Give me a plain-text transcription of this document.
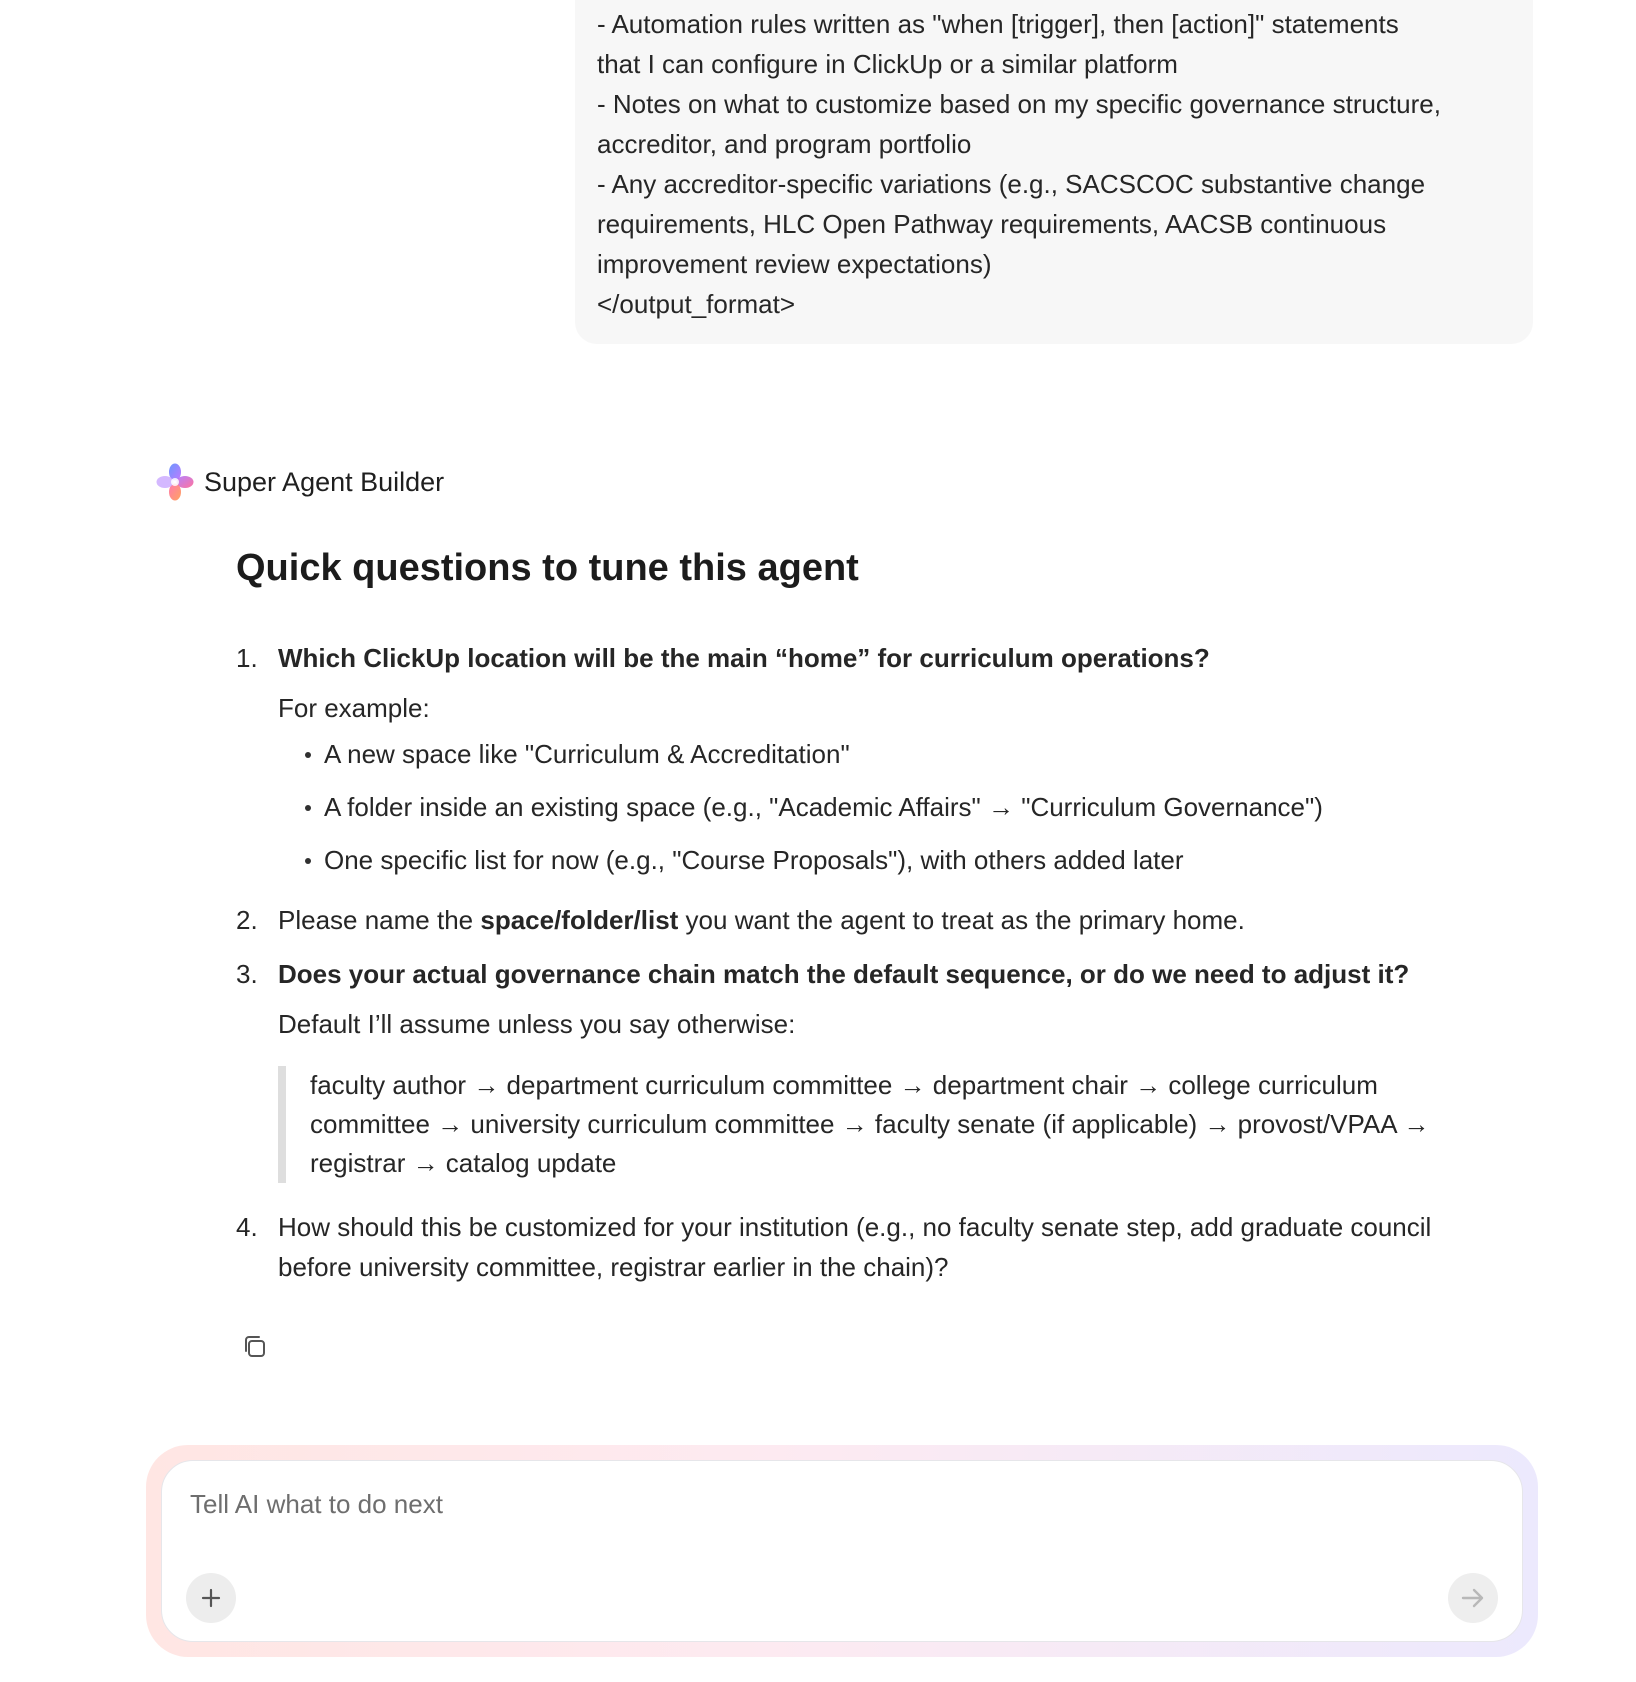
- Automation rules written as "when [trigger], then [action]" statements
that I can configure in ClickUp or a similar platform
- Notes on what to customize based on my specific governance structure,
accreditor, and program portfolio
- Any accreditor-specific variations (e.g., SACSCOC substantive change
requirements, HLC Open Pathway requirements, AACSB continuous
improvement review expectations)
</output_format>
Super Agent Builder
Quick questions to tune this agent
1. Which ClickUp location will be the main “home” for curriculum operations?
For example:
A new space like "Curriculum & Accreditation"
A folder inside an existing space (e.g., "Academic Affairs" → "Curriculum Governance")
One specific list for now (e.g., "Course Proposals"), with others added later
2. Please name the space/folder/list you want the agent to treat as the primary home.
3. Does your actual governance chain match the default sequence, or do we need to adjust it?
Default I’ll assume unless you say otherwise:
faculty author → department curriculum committee → department chair → college curriculum
committee → university curriculum committee → faculty senate (if applicable) → provost/VPAA →
registrar → catalog update
4. How should this be customized for your institution (e.g., no faculty senate step, add graduate council
before university committee, registrar earlier in the chain)?
Tell AI what to do next
